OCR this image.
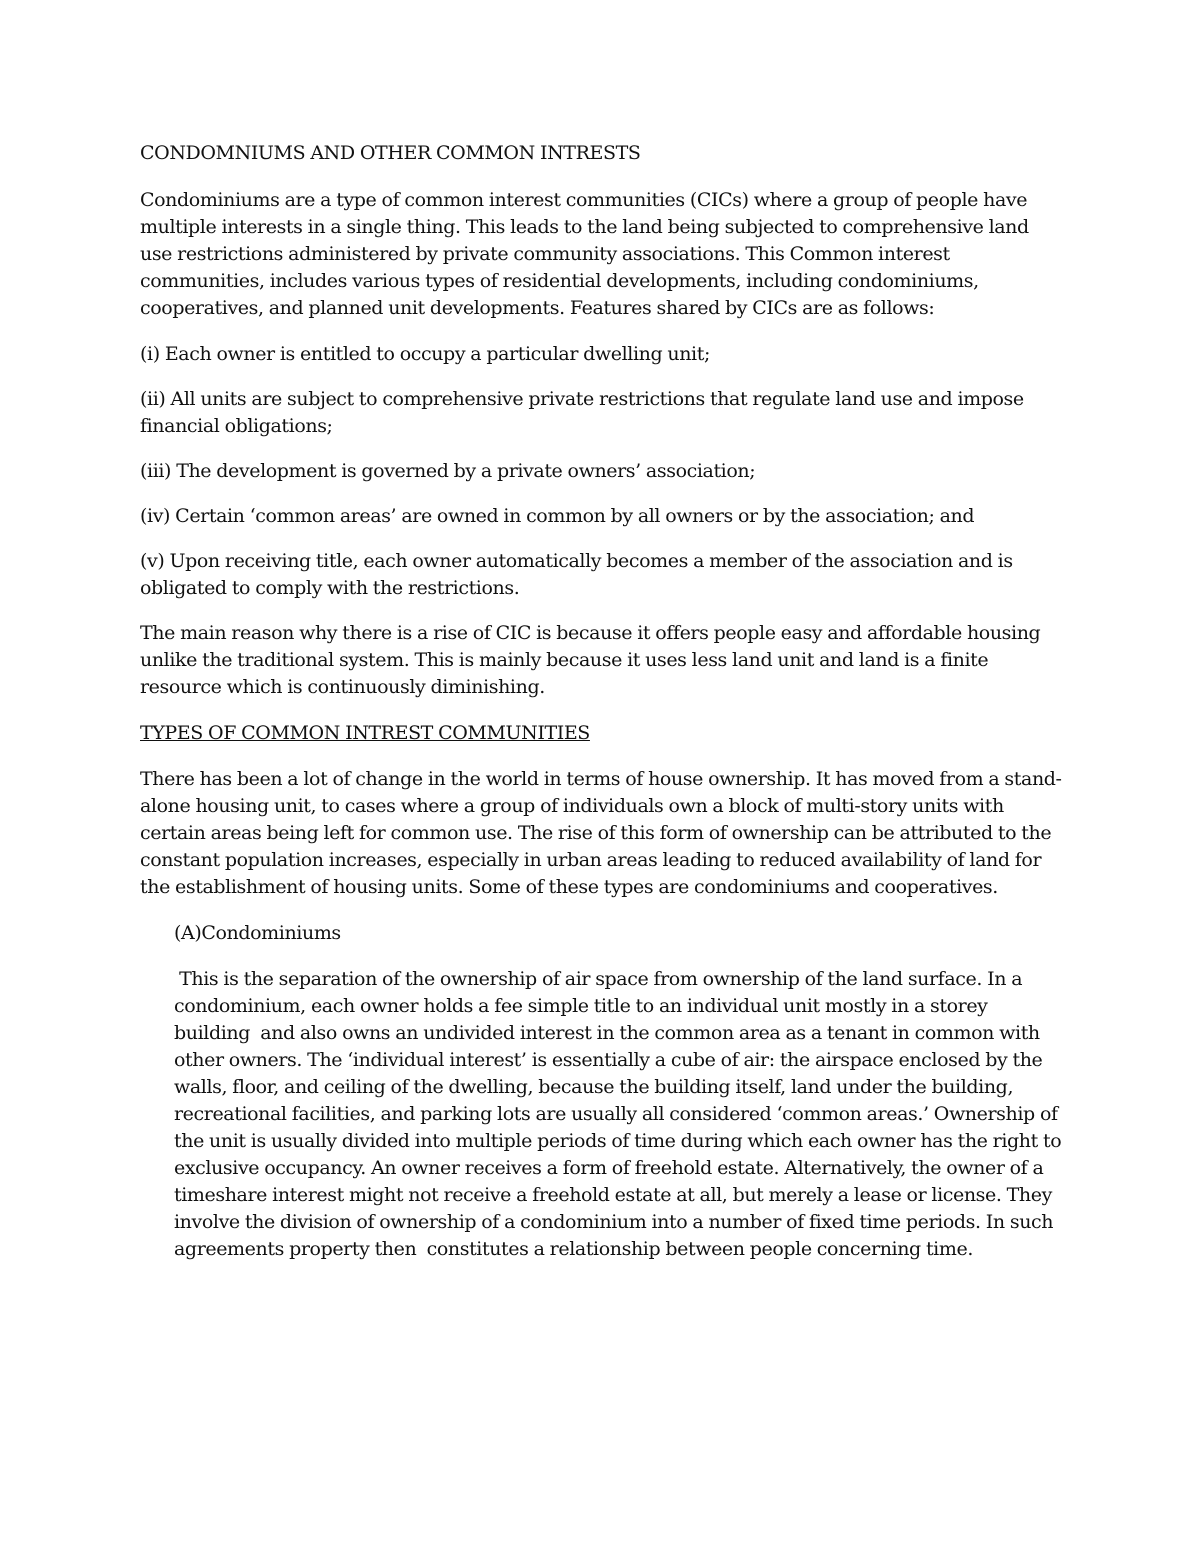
CONDOMNIUMS AND OTHER COMMON INTRESTS

Condominiums are a type of common interest communities (CICs) where a group of people have multiple interests in a single thing. This leads to the land being subjected to comprehensive land use restrictions administered by private community associations. This Common interest communities, includes various types of residential developments, including condominiums, cooperatives, and planned unit developments. Features shared by CICs are as follows:

(i) Each owner is entitled to occupy a particular dwelling unit;

(ii) All units are subject to comprehensive private restrictions that regulate land use and impose financial obligations;

(iii) The development is governed by a private owners’ association;

(iv) Certain ‘common areas’ are owned in common by all owners or by the association; and

(v) Upon receiving title, each owner automatically becomes a member of the association and is obligated to comply with the restrictions.

The main reason why there is a rise of CIC is because it offers people easy and affordable housing unlike the traditional system. This is mainly because it uses less land unit and land is a finite resource which is continuously diminishing.

TYPES OF COMMON INTREST COMMUNITIES

There has been a lot of change in the world in terms of house ownership. It has moved from a stand-alone housing unit, to cases where a group of individuals own a block of multi-story units with certain areas being left for common use. The rise of this form of ownership can be attributed to the constant population increases, especially in urban areas leading to reduced availability of land for the establishment of housing units. Some of these types are condominiums and cooperatives.

(A)Condominiums

This is the separation of the ownership of air space from ownership of the land surface. In a condominium, each owner holds a fee simple title to an individual unit mostly in a storey building  and also owns an undivided interest in the common area as a tenant in common with other owners. The ‘individual interest’ is essentially a cube of air: the airspace enclosed by the walls, floor, and ceiling of the dwelling, because the building itself, land under the building, recreational facilities, and parking lots are usually all considered ‘common areas.’ Ownership of the unit is usually divided into multiple periods of time during which each owner has the right to exclusive occupancy. An owner receives a form of freehold estate. Alternatively, the owner of a timeshare interest might not receive a freehold estate at all, but merely a lease or license. They involve the division of ownership of a condominium into a number of fixed time periods. In such agreements property then  constitutes a relationship between people concerning time.
